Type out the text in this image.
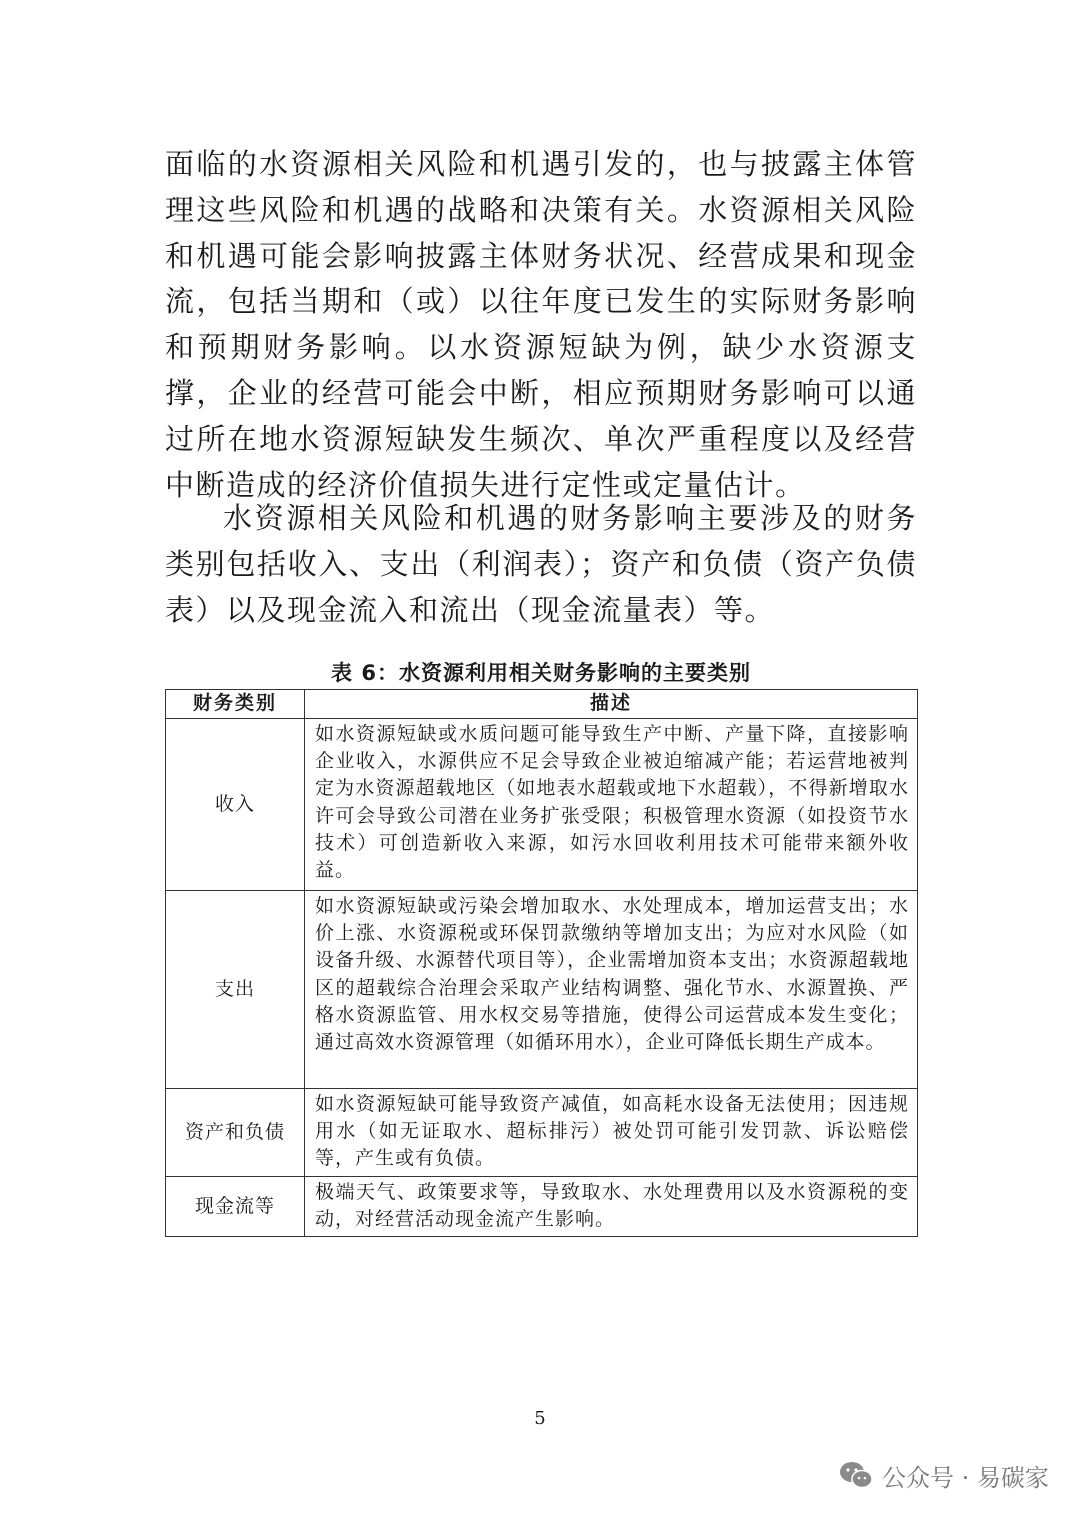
面临的水资源相关风险和机遇引发的，也与披露主体管理这些风险和机遇的战略和决策有关。水资源相关风险和机遇可能会影响披露主体财务状况、经营成果和现金流，包括当期和（或）以往年度已发生的实际财务影响和预期财务影响。以水资源短缺为例，缺少水资源支撑，企业的经营可能会中断，相应预期财务影响可以通过所在地水资源短缺发生频次、单次严重程度以及经营中断造成的经济价值损失进行定性或定量估计。

水资源相关风险和机遇的财务影响主要涉及的财务类别包括收入、支出（利润表）；资产和负债（资产负债表）以及现金流入和流出（现金流量表）等。

表 6：水资源利用相关财务影响的主要类别
财务类别	描述
收入	如水资源短缺或水质问题可能导致生产中断、产量下降，直接影响企业收入，水源供应不足会导致企业被迫缩减产能；若运营地被判定为水资源超载地区（如地表水超载或地下水超载），不得新增取水许可会导致公司潜在业务扩张受限；积极管理水资源（如投资节水技术）可创造新收入来源，如污水回收利用技术可能带来额外收益。
支出	如水资源短缺或污染会增加取水、水处理成本，增加运营支出；水价上涨、水资源税或环保罚款缴纳等增加支出；为应对水风险（如设备升级、水源替代项目等），企业需增加资本支出；水资源超载地区的超载综合治理会采取产业结构调整、强化节水、水源置换、严格水资源监管、用水权交易等措施，使得公司运营成本发生变化；通过高效水资源管理（如循环用水），企业可降低长期生产成本。
资产和负债	如水资源短缺可能导致资产减值，如高耗水设备无法使用；因违规用水（如无证取水、超标排污）被处罚可能引发罚款、诉讼赔偿等，产生或有负债。
现金流等	极端天气、政策要求等，导致取水、水处理费用以及水资源税的变动，对经营活动现金流产生影响。
5
公众号 · 易碳家
